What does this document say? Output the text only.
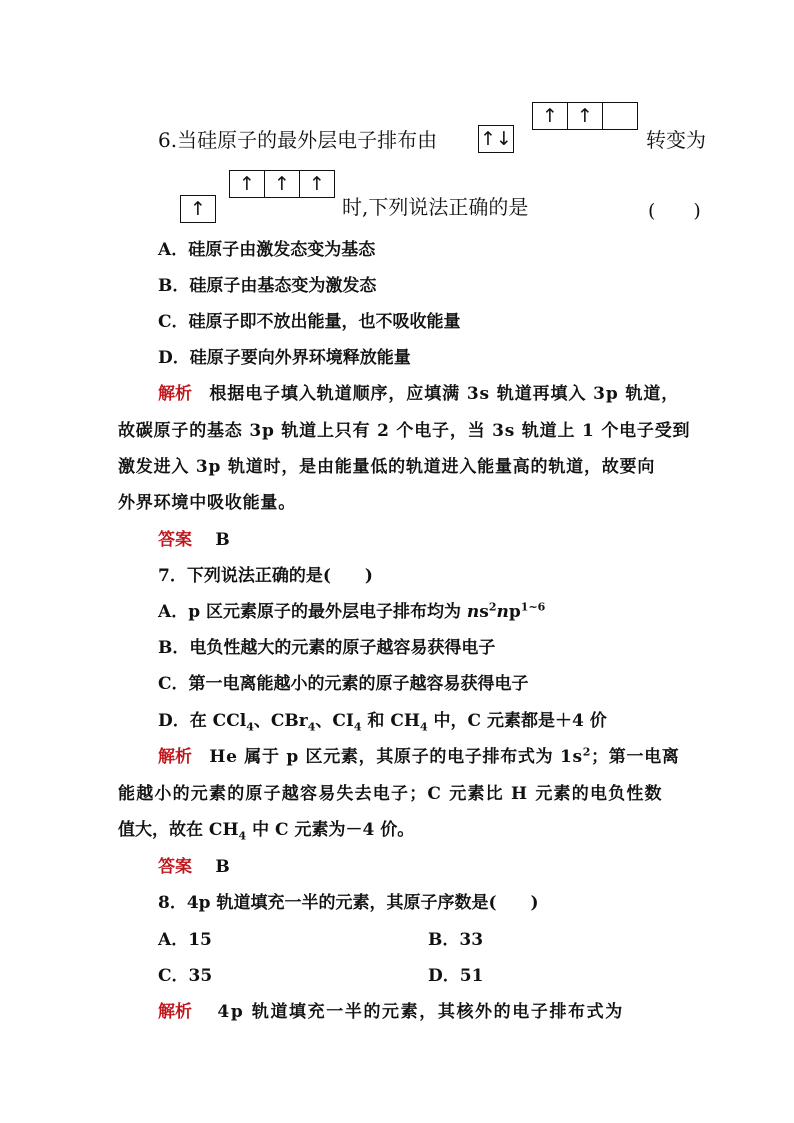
6.当硅原子的最外层电子排布由 ↑↓
↑	↑
转变为
↑
↑	↑	↑
时,下列说法正确的是	(　　)
A．硅原子由激发态变为基态
B．硅原子由基态变为激发态
C．硅原子即不放出能量，也不吸收能量
D．硅原子要向外界环境释放能量
解析 根据电子填入轨道顺序，应填满 3s 轨道再填入 3p 轨道，
故碳原子的基态 3p 轨道上只有 2 个电子，当 3s 轨道上 1 个电子受到
激发进入 3p 轨道时，是由能量低的轨道进入能量高的轨道，故要向
外界环境中吸收能量。
答案 B
7．下列说法正确的是(　　)
A．p 区元素原子的最外层电子排布均为 $ns^2np^{1\sim 6}$
B．电负性越大的元素的原子越容易获得电子
C．第一电离能越小的元素的原子越容易获得电子
D．在 CCl$_4$、CBr$_4$、$CI_4$ 和 $CH_4$ 中，C 元素都是＋4 价
解析 He 属于 p 区元素，其原子的电子排布式为 $1s^2$；第一电离
能越小的元素的原子越容易失去电子；C 元素比 H 元素的电负性数
值大，故在 $CH_4$ 中 C 元素为－4 价。
答案 B
8．4p 轨道填充一半的元素，其原子序数是(　　)
A．15	B．33
C．35	D．51
解析 4p 轨道填充一半的元素，其核外的电子排布式为
